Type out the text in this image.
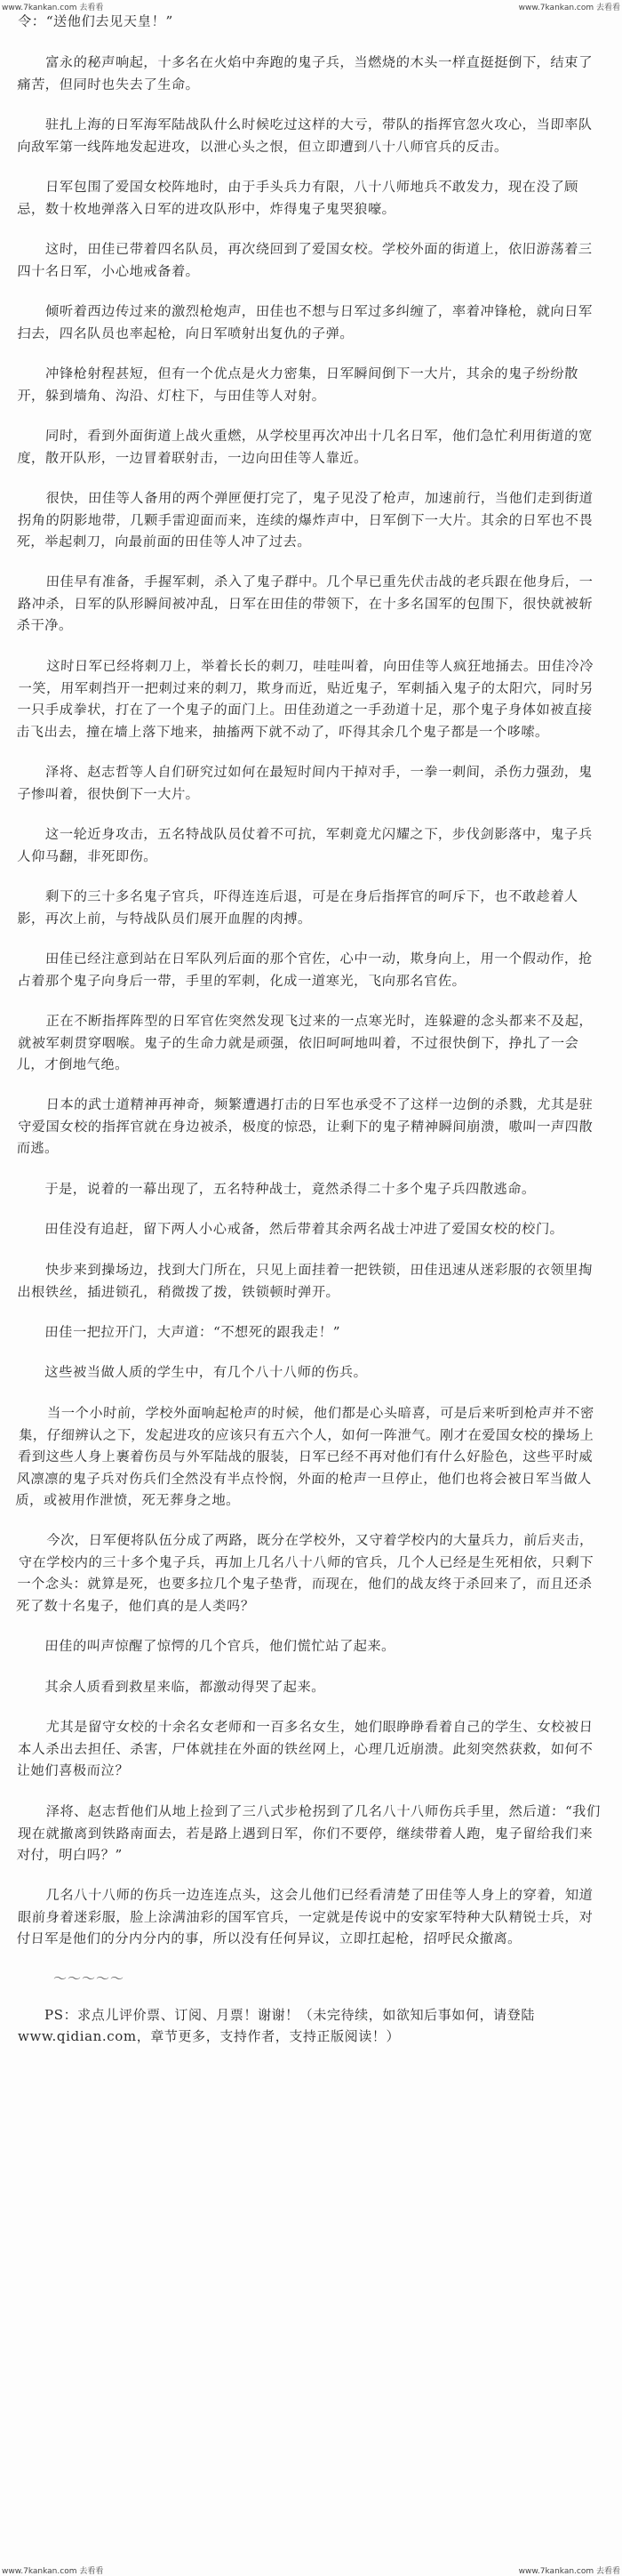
www.7kankan.com 去看看	www.7kankan.com 去看看

令：“送他们去见天皇！”

富永的秘声响起，十多名在火焰中奔跑的鬼子兵，当燃烧的木头一样直挺挺倒下，结束了痛苦，但同时也失去了生命。

驻扎上海的日军海军陆战队什么时候吃过这样的大亏，带队的指挥官忽火攻心，当即率队向敌军第一线阵地发起进攻，以泄心头之恨，但立即遭到八十八师官兵的反击。

日军包围了爱国女校阵地时，由于手头兵力有限，八十八师地兵不敢发力，现在没了顾忌，数十枚地弹落入日军的进攻队形中，炸得鬼子鬼哭狼嚎。

这时，田佳已带着四名队员，再次绕回到了爱国女校。学校外面的街道上，依旧游荡着三四十名日军，小心地戒备着。

倾听着西边传过来的激烈枪炮声，田佳也不想与日军过多纠缠了，率着冲锋枪，就向日军扫去，四名队员也率起枪，向日军喷射出复仇的子弹。

冲锋枪射程甚短，但有一个优点是火力密集，日军瞬间倒下一大片，其余的鬼子纷纷散开，躲到墙角、沟沿、灯柱下，与田佳等人对射。

同时，看到外面街道上战火重燃，从学校里再次冲出十几名日军，他们急忙利用街道的宽度，散开队形，一边冒着联射击，一边向田佳等人靠近。

很快，田佳等人备用的两个弹匣便打完了，鬼子见没了枪声，加速前行，当他们走到街道拐角的阴影地带，几颗手雷迎面而来，连续的爆炸声中，日军倒下一大片。其余的日军也不畏死，举起刺刀，向最前面的田佳等人冲了过去。

田佳早有准备，手握军刺，杀入了鬼子群中。几个早已重先伏击战的老兵跟在他身后，一路冲杀，日军的队形瞬间被冲乱，日军在田佳的带领下，在十多名国军的包围下，很快就被斩杀干净。

这时日军已经将刺刀上，举着长长的刺刀，哇哇叫着，向田佳等人疯狂地捅去。田佳冷冷一笑，用军刺挡开一把刺过来的刺刀，欺身而近，贴近鬼子，军刺插入鬼子的太阳穴，同时另一只手成拳状，打在了一个鬼子的面门上。田佳劲道之一手劲道十足，那个鬼子身体如被直接击飞出去，撞在墙上落下地来，抽搐两下就不动了，吓得其余几个鬼子都是一个哆嗦。

泽将、赵志哲等人自们研究过如何在最短时间内干掉对手，一拳一刺间，杀伤力强劲，鬼子惨叫着，很快倒下一大片。

这一轮近身攻击，五名特战队员仗着不可抗，军刺竟尤闪耀之下，步伐剑影落中，鬼子兵人仰马翻，非死即伤。

剩下的三十多名鬼子官兵，吓得连连后退，可是在身后指挥官的呵斥下，也不敢趁着人影，再次上前，与特战队员们展开血腥的肉搏。

田佳已经注意到站在日军队列后面的那个官佐，心中一动，欺身向上，用一个假动作，抢占着那个鬼子向身后一带，手里的军刺，化成一道寒光，飞向那名官佐。

正在不断指挥阵型的日军官佐突然发现飞过来的一点寒光时，连躲避的念头都来不及起，就被军刺贯穿咽喉。鬼子的生命力就是顽强，依旧呵呵地叫着，不过很快倒下，挣扎了一会儿，才倒地气绝。

日本的武士道精神再神奇，频繁遭遇打击的日军也承受不了这样一边倒的杀戮，尤其是驻守爱国女校的指挥官就在身边被杀，极度的惊恐，让剩下的鬼子精神瞬间崩溃，嗷叫一声四散而逃。

于是，说着的一幕出现了，五名特种战士，竟然杀得二十多个鬼子兵四散逃命。

田佳没有追赶，留下两人小心戒备，然后带着其余两名战士冲进了爱国女校的校门。

快步来到操场边，找到大门所在，只见上面挂着一把铁锁，田佳迅速从迷彩服的衣领里掏出根铁丝，插进锁孔，稍微拨了拨，铁锁顿时弹开。

田佳一把拉开门，大声道：“不想死的跟我走！”

这些被当做人质的学生中，有几个八十八师的伤兵。

当一个小时前，学校外面响起枪声的时候，他们都是心头暗喜，可是后来听到枪声并不密集，仔细辨认之下，发起进攻的应该只有五六个人，如何一阵泄气。刚才在爱国女校的操场上看到这些人身上裹着伤员与外军陆战的服装，日军已经不再对他们有什么好脸色，这些平时威风凛凛的鬼子兵对伤兵们全然没有半点怜悯，外面的枪声一旦停止，他们也将会被日军当做人质，或被用作泄愤，死无葬身之地。

今次，日军便将队伍分成了两路，既分在学校外，又守着学校内的大量兵力，前后夹击，守在学校内的三十多个鬼子兵，再加上几名八十八师的官兵，几个人已经是生死相依，只剩下一个念头：就算是死，也要多拉几个鬼子垫背，而现在，他们的战友终于杀回来了，而且还杀死了数十名鬼子，他们真的是人类吗？

田佳的叫声惊醒了惊愕的几个官兵，他们慌忙站了起来。

其余人质看到救星来临，都激动得哭了起来。

尤其是留守女校的十余名女老师和一百多名女生，她们眼睁睁看着自己的学生、女校被日本人杀出去担任、杀害，尸体就挂在外面的铁丝网上，心理几近崩溃。此刻突然获救，如何不让她们喜极而泣？

泽将、赵志哲他们从地上捡到了三八式步枪拐到了几名八十八师伤兵手里，然后道：“我们现在就撤离到铁路南面去，若是路上遇到日军，你们不要停，继续带着人跑，鬼子留给我们来对付，明白吗？”

几名八十八师的伤兵一边连连点头，这会儿他们已经看清楚了田佳等人身上的穿着，知道眼前身着迷彩服，脸上涂满油彩的国军官兵，一定就是传说中的安家军特种大队精锐士兵，对付日军是他们的分内分内的事，所以没有任何异议，立即扛起枪，招呼民众撤离。

～～～～～

PS：求点儿评价票、订阅、月票！谢谢！（未完待续，如欲知后事如何，请登陆www.qidian.com，章节更多，支持作者，支持正版阅读！）

www.7kankan.com 去看看	www.7kankan.com 去看看
